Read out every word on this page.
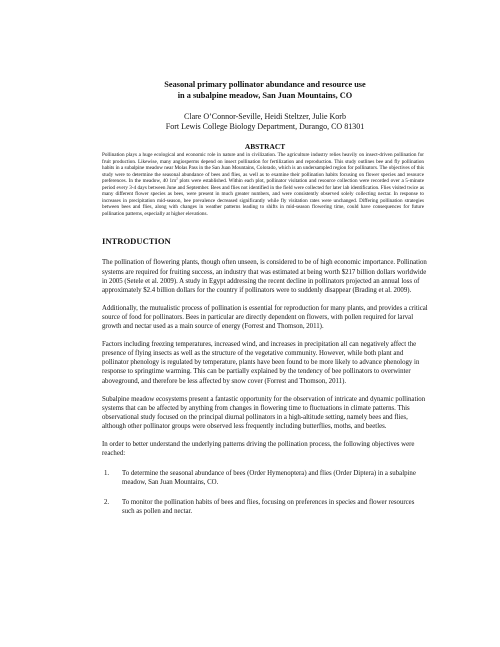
Seasonal primary pollinator abundance and resource use
in a subalpine meadow, San Juan Mountains, CO
Clare O’Connor-Seville, Heidi Steltzer, Julie Korb
Fort Lewis College Biology Department, Durango, CO 81301
ABSTRACT
Pollination plays a huge ecological and economic role in nature and in civilization. The agriculture industry relies heavily on insect-driven pollination for fruit production. Likewise, many angiosperms depend on insect pollination for fertilization and reproduction. This study outlines bee and fly pollination habits in a subalpine meadow near Molas Pass in the San Juan Mountains, Colorado, which is an undersampled region for pollinators. The objectives of this study were to determine the seasonal abundance of bees and flies, as well as to examine their pollination habits focusing on flower species and resource preferences. In the meadow, 40 $1m^2$ plots were established. Within each plot, pollinator visitation and resource collection were recorded over a 5-minute period every 3-4 days between June and September. Bees and flies not identified in the field were collected for later lab identification. Flies visited twice as many different flower species as bees, were present in much greater numbers, and were consistently observed solely collecting nectar. In response to increases in precipitation mid-season, bee prevalence decreased significantly while fly visitation rates were unchanged. Differing pollination strategies between bees and flies, along with changes in weather patterns leading to shifts in mid-season flowering time, could have consequences for future pollination patterns, especially at higher elevations.
INTRODUCTION
The pollination of flowering plants, though often unseen, is considered to be of high economic importance. Pollination systems are required for fruiting success, an industry that was estimated at being worth $217 billion dollars worldwide in 2005 (Setele et al. 2009). A study in Egypt addressing the recent decline in pollinators projected an annual loss of approximately $2.4 billion dollars for the country if pollinators were to suddenly disappear (Brading et al. 2009).
Additionally, the mutualistic process of pollination is essential for reproduction for many plants, and provides a critical source of food for pollinators. Bees in particular are directly dependent on flowers, with pollen required for larval growth and nectar used as a main source of energy (Forrest and Thomson, 2011).
Factors including freezing temperatures, increased wind, and increases in precipitation all can negatively affect the presence of flying insects as well as the structure of the vegetative community. However, while both plant and pollinator phenology is regulated by temperature, plants have been found to be more likely to advance phenology in response to springtime warming. This can be partially explained by the tendency of bee pollinators to overwinter aboveground, and therefore be less affected by snow cover (Forrest and Thomson, 2011).
Subalpine meadow ecosystems present a fantastic opportunity for the observation of intricate and dynamic pollination systems that can be affected by anything from changes in flowering time to fluctuations in climate patterns. This observational study focused on the principal diurnal pollinators in a high-altitude setting, namely bees and flies, although other pollinator groups were observed less frequently including butterflies, moths, and beetles.
In order to better understand the underlying patterns driving the pollination process, the following objectives were reached:
1. To determine the seasonal abundance of bees (Order Hymenoptera) and flies (Order Diptera) in a subalpine meadow, San Juan Mountains, CO.
2. To monitor the pollination habits of bees and flies, focusing on preferences in species and flower resources such as pollen and nectar.
